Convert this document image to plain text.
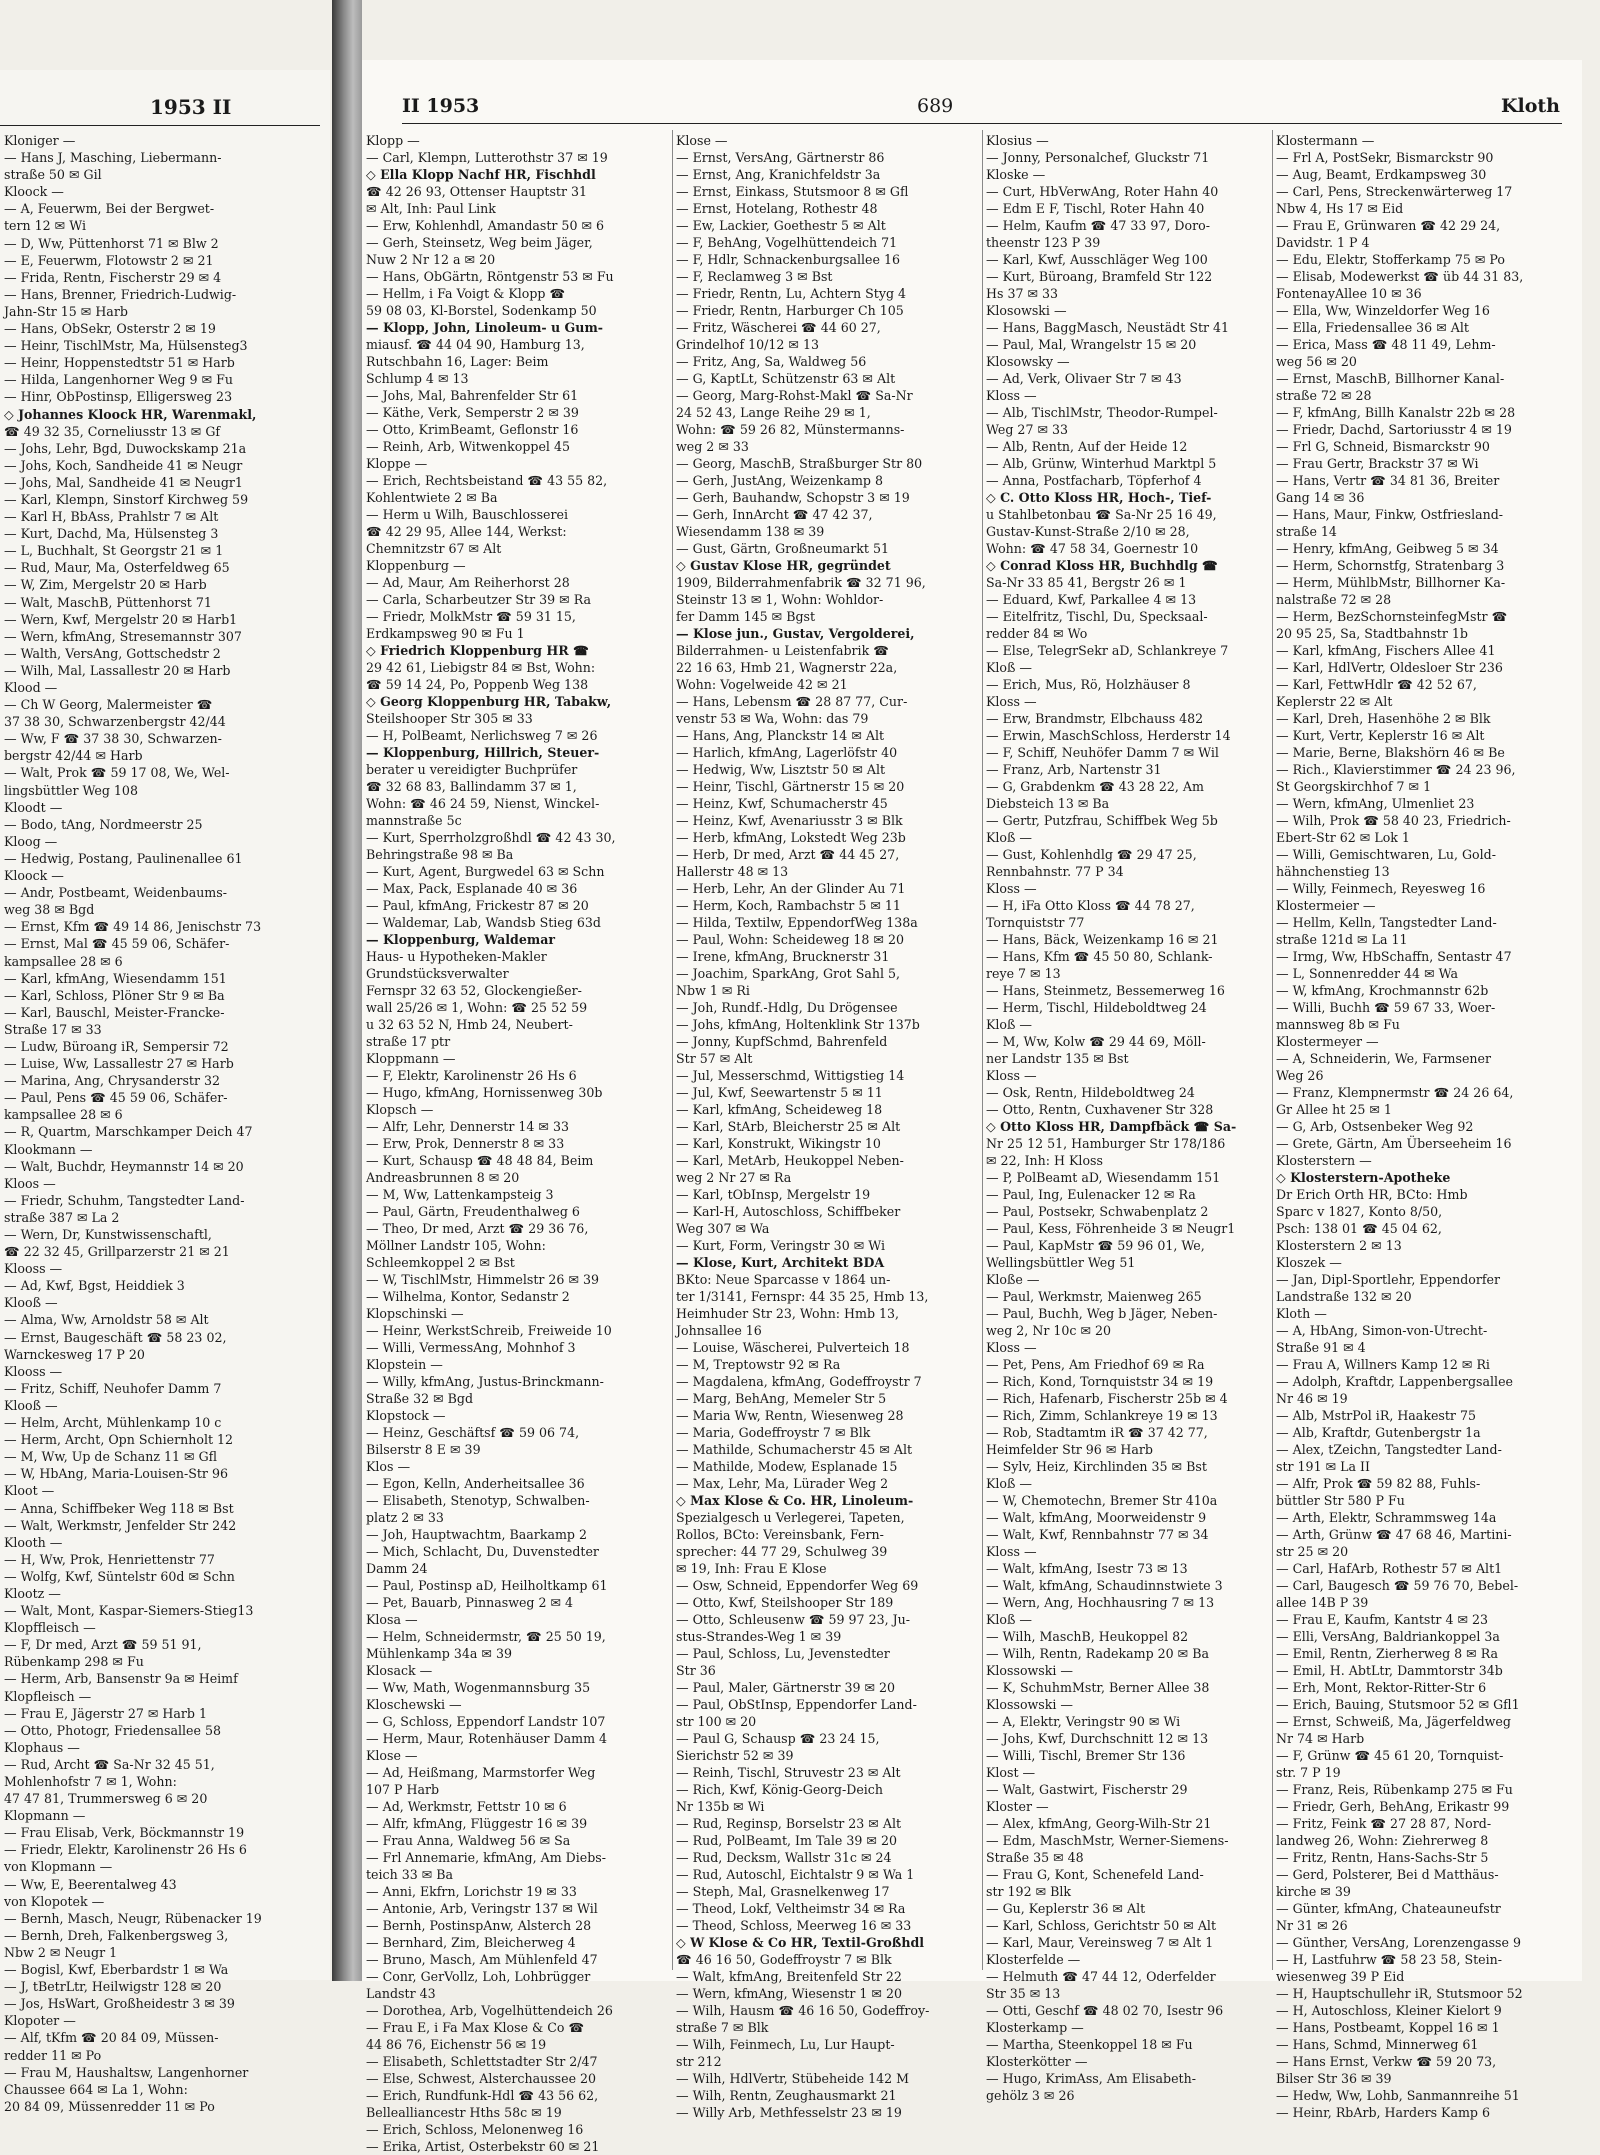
1953 II
Kloniger —
— Hans J, Masching, Liebermann-
straße 50 ✉ Gil
Kloock —
— A, Feuerwm, Bei der Bergwet-
tern 12 ✉ Wi
— D, Ww, Püttenhorst 71 ✉ Blw 2
— E, Feuerwm, Flotowstr 2 ✉ 21
— Frida, Rentn, Fischerstr 29 ✉ 4
— Hans, Brenner, Friedrich-Ludwig-
Jahn-Str 15 ✉ Harb
— Hans, ObSekr, Osterstr 2 ✉ 19
— Heinr, TischlMstr, Ma, Hülsensteg3
— Heinr, Hoppenstedtstr 51 ✉ Harb
— Hilda, Langenhorner Weg 9 ✉ Fu
— Hinr, ObPostinsp, Elligersweg 23
◇ Johannes Kloock HR, Warenmakl,
☎ 49 32 35, Corneliusstr 13 ✉ Gf
— Johs, Lehr, Bgd, Duwockskamp 21a
— Johs, Koch, Sandheide 41 ✉ Neugr
— Johs, Mal, Sandheide 41 ✉ Neugr1
— Karl, Klempn, Sinstorf Kirchweg 59
— Karl H, BbAss, Prahlstr 7 ✉ Alt
— Kurt, Dachd, Ma, Hülsensteg 3
— L, Buchhalt, St Georgstr 21 ✉ 1
— Rud, Maur, Ma, Osterfeldweg 65
— W, Zim, Mergelstr 20 ✉ Harb
— Walt, MaschB, Püttenhorst 71
— Wern, Kwf, Mergelstr 20 ✉ Harb1
— Wern, kfmAng, Stresemannstr 307
— Walth, VersAng, Gottschedstr 2
— Wilh, Mal, Lassallestr 20 ✉ Harb
Klood —
— Ch W Georg, Malermeister ☎
37 38 30, Schwarzenbergstr 42/44
— Ww, F ☎ 37 38 30, Schwarzen-
bergstr 42/44 ✉ Harb
— Walt, Prok ☎ 59 17 08, We, Wel-
lingsbüttler Weg 108
Kloodt —
— Bodo, tAng, Nordmeerstr 25
Kloog —
— Hedwig, Postang, Paulinenallee 61
Kloock —
— Andr, Postbeamt, Weidenbaums-
weg 38 ✉ Bgd
— Ernst, Kfm ☎ 49 14 86, Jenischstr 73
— Ernst, Mal ☎ 45 59 06, Schäfer-
kampsallee 28 ✉ 6
— Karl, kfmAng, Wiesendamm 151
— Karl, Schloss, Plöner Str 9 ✉ Ba
— Karl, Bauschl, Meister-Francke-
Straße 17 ✉ 33
— Ludw, Büroang iR, Sempersir 72
— Luise, Ww, Lassallestr 27 ✉ Harb
— Marina, Ang, Chrysanderstr 32
— Paul, Pens ☎ 45 59 06, Schäfer-
kampsallee 28 ✉ 6
— R, Quartm, Marschkamper Deich 47
Klookmann —
— Walt, Buchdr, Heymannstr 14 ✉ 20
Kloos —
— Friedr, Schuhm, Tangstedter Land-
straße 387 ✉ La 2
— Wern, Dr, Kunstwissenschaftl,
☎ 22 32 45, Grillparzerstr 21 ✉ 21
Klooss —
— Ad, Kwf, Bgst, Heiddiek 3
Klooß —
— Alma, Ww, Arnoldstr 58 ✉ Alt
— Ernst, Baugeschäft ☎ 58 23 02,
Warnckesweg 17 P 20
Klooss —
— Fritz, Schiff, Neuhofer Damm 7
Klooß —
— Helm, Archt, Mühlenkamp 10 c
— Herm, Archt, Opn Schiernholt 12
— M, Ww, Up de Schanz 11 ✉ Gfl
— W, HbAng, Maria-Louisen-Str 96
Kloot —
— Anna, Schiffbeker Weg 118 ✉ Bst
— Walt, Werkmstr, Jenfelder Str 242
Klooth —
— H, Ww, Prok, Henriettenstr 77
— Wolfg, Kwf, Süntelstr 60d ✉ Schn
Klootz —
— Walt, Mont, Kaspar-Siemers-Stieg13
Klopffleisch —
— F, Dr med, Arzt ☎ 59 51 91,
Rübenkamp 298 ✉ Fu
— Herm, Arb, Bansenstr 9a ✉ Heimf
Klopfleisch —
— Frau E, Jägerstr 27 ✉ Harb 1
— Otto, Photogr, Friedensallee 58
Klophaus —
— Rud, Archt ☎ Sa-Nr 32 45 51,
Mohlenhofstr 7 ✉ 1, Wohn:
47 47 81, Trummersweg 6 ✉ 20
Klopmann —
— Frau Elisab, Verk, Böckmannstr 19
— Friedr, Elektr, Karolinenstr 26 Hs 6
von Klopmann —
— Ww, E, Beerentalweg 43
von Klopotek —
— Bernh, Masch, Neugr, Rübenacker 19
— Bernh, Dreh, Falkenbergsweg 3,
Nbw 2 ✉ Neugr 1
— Bogisl, Kwf, Eberbardstr 1 ✉ Wa
— J, tBetrLtr, Heilwigstr 128 ✉ 20
— Jos, HsWart, Großheidestr 3 ✉ 39
Klopoter —
— Alf, tKfm ☎ 20 84 09, Müssen-
redder 11 ✉ Po
— Frau M, Haushaltsw, Langenhorner
Chaussee 664 ✉ La 1, Wohn:
20 84 09, Müssenredder 11 ✉ Po
II 1953	689	Kloth
Klopp —
— Carl, Klempn, Lutterothstr 37 ✉ 19
◇ Ella Klopp Nachf HR, Fischhdl
☎ 42 26 93, Ottenser Hauptstr 31
✉ Alt, Inh: Paul Link
— Erw, Kohlenhdl, Amandastr 50 ✉ 6
— Gerh, Steinsetz, Weg beim Jäger,
Nuw 2 Nr 12 a ✉ 20
— Hans, ObGärtn, Röntgenstr 53 ✉ Fu
— Hellm, i Fa Voigt & Klopp ☎
59 08 03, Kl-Borstel, Sodenkamp 50
— Klopp, John, Linoleum- u Gum-
miausf. ☎ 44 04 90, Hamburg 13,
Rutschbahn 16, Lager: Beim
Schlump 4 ✉ 13
— Johs, Mal, Bahrenfelder Str 61
— Käthe, Verk, Semperstr 2 ✉ 39
— Otto, KrimBeamt, Geflonstr 16
— Reinh, Arb, Witwenkoppel 45
Kloppe —
— Erich, Rechtsbeistand ☎ 43 55 82,
Kohlentwiete 2 ✉ Ba
— Herm u Wilh, Bauschlosserei
☎ 42 29 95, Allee 144, Werkst:
Chemnitzstr 67 ✉ Alt
Kloppenburg —
— Ad, Maur, Am Reiherhorst 28
— Carla, Scharbeutzer Str 39 ✉ Ra
— Friedr, MolkMstr ☎ 59 31 15,
Erdkampsweg 90 ✉ Fu 1
◇ Friedrich Kloppenburg HR ☎
29 42 61, Liebigstr 84 ✉ Bst, Wohn:
☎ 59 14 24, Po, Poppenb Weg 138
◇ Georg Kloppenburg HR, Tabakw,
Steilshooper Str 305 ✉ 33
— H, PolBeamt, Nerlichsweg 7 ✉ 26
— Kloppenburg, Hillrich, Steuer-
berater u vereidigter Buchprüfer
☎ 32 68 83, Ballindamm 37 ✉ 1,
Wohn: ☎ 46 24 59, Nienst, Winckel-
mannstraße 5c
— Kurt, Sperrholzgroßhdl ☎ 42 43 30,
Behringstraße 98 ✉ Ba
— Kurt, Agent, Burgwedel 63 ✉ Schn
— Max, Pack, Esplanade 40 ✉ 36
— Paul, kfmAng, Frickestr 87 ✉ 20
— Waldemar, Lab, Wandsb Stieg 63d
— Kloppenburg, Waldemar
Haus- u Hypotheken-Makler
Grundstücksverwalter
Fernspr 32 63 52, Glockengießer-
wall 25/26 ✉ 1, Wohn: ☎ 25 52 59
u 32 63 52 N, Hmb 24, Neubert-
straße 17 ptr
Kloppmann —
— F, Elektr, Karolinenstr 26 Hs 6
— Hugo, kfmAng, Hornissenweg 30b
Klopsch —
— Alfr, Lehr, Dennerstr 14 ✉ 33
— Erw, Prok, Dennerstr 8 ✉ 33
— Kurt, Schausp ☎ 48 48 84, Beim
Andreasbrunnen 8 ✉ 20
— M, Ww, Lattenkampsteig 3
— Paul, Gärtn, Freudenthalweg 6
— Theo, Dr med, Arzt ☎ 29 36 76,
Möllner Landstr 105, Wohn:
Schleemkoppel 2 ✉ Bst
— W, TischlMstr, Himmelstr 26 ✉ 39
— Wilhelma, Kontor, Sedanstr 2
Klopschinski —
— Heinr, WerkstSchreib, Freiweide 10
— Willi, VermessAng, Mohnhof 3
Klopstein —
— Willy, kfmAng, Justus-Brinckmann-
Straße 32 ✉ Bgd
Klopstock —
— Heinz, Geschäftsf ☎ 59 06 74,
Bilserstr 8 E ✉ 39
Klos —
— Egon, Kelln, Anderheitsallee 36
— Elisabeth, Stenotyp, Schwalben-
platz 2 ✉ 33
— Joh, Hauptwachtm, Baarkamp 2
— Mich, Schlacht, Du, Duvenstedter
Damm 24
— Paul, Postinsp aD, Heilholtkamp 61
— Pet, Bauarb, Pinnasweg 2 ✉ 4
Klosa —
— Helm, Schneidermstr, ☎ 25 50 19,
Mühlenkamp 34a ✉ 39
Klosack —
— Ww, Math, Wogenmannsburg 35
Kloschewski —
— G, Schloss, Eppendorf Landstr 107
— Herm, Maur, Rotenhäuser Damm 4
Klose —
— Ad, Heißmang, Marmstorfer Weg
107 P Harb
— Ad, Werkmstr, Fettstr 10 ✉ 6
— Alfr, kfmAng, Flüggestr 16 ✉ 39
— Frau Anna, Waldweg 56 ✉ Sa
— Frl Annemarie, kfmAng, Am Diebs-
teich 33 ✉ Ba
— Anni, Ekfrn, Lorichstr 19 ✉ 33
— Antonie, Arb, Veringstr 137 ✉ Wil
— Bernh, PostinspAnw, Alsterch 28
— Bernhard, Zim, Bleicherweg 4
— Bruno, Masch, Am Mühlenfeld 47
— Conr, GerVollz, Loh, Lohbrügger
Landstr 43
— Dorothea, Arb, Vogelhüttendeich 26
— Frau E, i Fa Max Klose & Co ☎
44 86 76, Eichenstr 56 ✉ 19
— Elisabeth, Schlettstadter Str 2/47
— Else, Schwest, Alsterchaussee 20
— Erich, Rundfunk-Hdl ☎ 43 56 62,
Bellealliancestr Hths 58c ✉ 19
— Erich, Schloss, Melonenweg 16
— Erika, Artist, Osterbekstr 60 ✉ 21
Klose —
— Ernst, VersAng, Gärtnerstr 86
— Ernst, Ang, Kranichfeldstr 3a
— Ernst, Einkass, Stutsmoor 8 ✉ Gfl
— Ernst, Hotelang, Rothestr 48
— Ew, Lackier, Goethestr 5 ✉ Alt
— F, BehAng, Vogelhüttendeich 71
— F, Hdlr, Schnackenburgsallee 16
— F, Reclamweg 3 ✉ Bst
— Friedr, Rentn, Lu, Achtern Styg 4
— Friedr, Rentn, Harburger Ch 105
— Fritz, Wäscherei ☎ 44 60 27,
Grindelhof 10/12 ✉ 13
— Fritz, Ang, Sa, Waldweg 56
— G, KaptLt, Schützenstr 63 ✉ Alt
— Georg, Marg-Rohst-Makl ☎ Sa-Nr
24 52 43, Lange Reihe 29 ✉ 1,
Wohn: ☎ 59 26 82, Münstermanns-
weg 2 ✉ 33
— Georg, MaschB, Straßburger Str 80
— Gerh, JustAng, Weizenkamp 8
— Gerh, Bauhandw, Schopstr 3 ✉ 19
— Gerh, InnArcht ☎ 47 42 37,
Wiesendamm 138 ✉ 39
— Gust, Gärtn, Großneumarkt 51
◇ Gustav Klose HR, gegründet
1909, Bilderrahmenfabrik ☎ 32 71 96,
Steinstr 13 ✉ 1, Wohn: Wohldor-
fer Damm 145 ✉ Bgst
— Klose jun., Gustav, Vergolderei,
Bilderrahmen- u Leistenfabrik ☎
22 16 63, Hmb 21, Wagnerstr 22a,
Wohn: Vogelweide 42 ✉ 21
— Hans, Lebensm ☎ 28 87 77, Cur-
venstr 53 ✉ Wa, Wohn: das 79
— Hans, Ang, Planckstr 14 ✉ Alt
— Harlich, kfmAng, Lagerlöfstr 40
— Hedwig, Ww, Lisztstr 50 ✉ Alt
— Heinr, Tischl, Gärtnerstr 15 ✉ 20
— Heinz, Kwf, Schumacherstr 45
— Heinz, Kwf, Avenariusstr 3 ✉ Blk
— Herb, kfmAng, Lokstedt Weg 23b
— Herb, Dr med, Arzt ☎ 44 45 27,
Hallerstr 48 ✉ 13
— Herb, Lehr, An der Glinder Au 71
— Herm, Koch, Rambachstr 5 ✉ 11
— Hilda, Textilw, EppendorfWeg 138a
— Paul, Wohn: Scheideweg 18 ✉ 20
— Irene, kfmAng, Brucknerstr 31
— Joachim, SparkAng, Grot Sahl 5,
Nbw 1 ✉ Ri
— Joh, Rundf.-Hdlg, Du Drögensee
— Johs, kfmAng, Holtenklink Str 137b
— Jonny, KupfSchmd, Bahrenfeld
Str 57 ✉ Alt
— Jul, Messerschmd, Wittigstieg 14
— Jul, Kwf, Seewartenstr 5 ✉ 11
— Karl, kfmAng, Scheideweg 18
— Karl, StArb, Bleicherstr 25 ✉ Alt
— Karl, Konstrukt, Wikingstr 10
— Karl, MetArb, Heukoppel Neben-
weg 2 Nr 27 ✉ Ra
— Karl, tObInsp, Mergelstr 19
— Karl-H, Autoschloss, Schiffbeker
Weg 307 ✉ Wa
— Kurt, Form, Veringstr 30 ✉ Wi
— Klose, Kurt, Architekt BDA
BKto: Neue Sparcasse v 1864 un-
ter 1/3141, Fernspr: 44 35 25, Hmb 13,
Heimhuder Str 23, Wohn: Hmb 13,
Johnsallee 16
— Louise, Wäscherei, Pulverteich 18
— M, Treptowstr 92 ✉ Ra
— Magdalena, kfmAng, Godeffroystr 7
— Marg, BehAng, Memeler Str 5
— Maria Ww, Rentn, Wiesenweg 28
— Maria, Godeffroystr 7 ✉ Blk
— Mathilde, Schumacherstr 45 ✉ Alt
— Mathilde, Modew, Esplanade 15
— Max, Lehr, Ma, Lürader Weg 2
◇ Max Klose & Co. HR, Linoleum-
Spezialgesch u Verlegerei, Tapeten,
Rollos, BCto: Vereinsbank, Fern-
sprecher: 44 77 29, Schulweg 39
✉ 19, Inh: Frau E Klose
— Osw, Schneid, Eppendorfer Weg 69
— Otto, Kwf, Steilshooper Str 189
— Otto, Schleusenw ☎ 59 97 23, Ju-
stus-Strandes-Weg 1 ✉ 39
— Paul, Schloss, Lu, Jevenstedter
Str 36
— Paul, Maler, Gärtnerstr 39 ✉ 20
— Paul, ObStInsp, Eppendorfer Land-
str 100 ✉ 20
— Paul G, Schausp ☎ 23 24 15,
Sierichstr 52 ✉ 39
— Reinh, Tischl, Struvestr 23 ✉ Alt
— Rich, Kwf, König-Georg-Deich
Nr 135b ✉ Wi
— Rud, Reginsp, Borselstr 23 ✉ Alt
— Rud, PolBeamt, Im Tale 39 ✉ 20
— Rud, Decksm, Wallstr 31c ✉ 24
— Rud, Autoschl, Eichtalstr 9 ✉ Wa 1
— Steph, Mal, Grasnelkenweg 17
— Theod, Lokf, Veltheimstr 34 ✉ Ra
— Theod, Schloss, Meerweg 16 ✉ 33
◇ W Klose & Co HR, Textil-Großhdl
☎ 46 16 50, Godeffroystr 7 ✉ Blk
— Walt, kfmAng, Breitenfeld Str 22
— Wern, kfmAng, Wiesenstr 1 ✉ 20
— Wilh, Hausm ☎ 46 16 50, Godeffroy-
straße 7 ✉ Blk
— Wilh, Feinmech, Lu, Lur Haupt-
str 212
— Wilh, HdlVertr, Stübeheide 142 M
— Wilh, Rentn, Zeughausmarkt 21
— Willy Arb, Methfesselstr 23 ✉ 19
Klosius —
— Jonny, Personalchef, Gluckstr 71
Kloske —
— Curt, HbVerwAng, Roter Hahn 40
— Edm E F, Tischl, Roter Hahn 40
— Helm, Kaufm ☎ 47 33 97, Doro-
theenstr 123 P 39
— Karl, Kwf, Ausschläger Weg 100
— Kurt, Büroang, Bramfeld Str 122
Hs 37 ✉ 33
Klosowski —
— Hans, BaggMasch, Neustädt Str 41
— Paul, Mal, Wrangelstr 15 ✉ 20
Klosowsky —
— Ad, Verk, Olivaer Str 7 ✉ 43
Kloss —
— Alb, TischlMstr, Theodor-Rumpel-
Weg 27 ✉ 33
— Alb, Rentn, Auf der Heide 12
— Alb, Grünw, Winterhud Marktpl 5
— Anna, Postfacharb, Töpferhof 4
◇ C. Otto Kloss HR, Hoch-, Tief-
u Stahlbetonbau ☎ Sa-Nr 25 16 49,
Gustav-Kunst-Straße 2/10 ✉ 28,
Wohn: ☎ 47 58 34, Goernestr 10
◇ Conrad Kloss HR, Buchhdlg ☎
Sa-Nr 33 85 41, Bergstr 26 ✉ 1
— Eduard, Kwf, Parkallee 4 ✉ 13
— Eitelfritz, Tischl, Du, Specksaal-
redder 84 ✉ Wo
— Else, TelegrSekr aD, Schlankreye 7
Kloß —
— Erich, Mus, Rö, Holzhäuser 8
Kloss —
— Erw, Brandmstr, Elbchauss 482
— Erwin, MaschSchloss, Herderstr 14
— F, Schiff, Neuhöfer Damm 7 ✉ Wil
— Franz, Arb, Nartenstr 31
— G, Grabdenkm ☎ 43 28 22, Am
Diebsteich 13 ✉ Ba
— Gertr, Putzfrau, Schiffbek Weg 5b
Kloß —
— Gust, Kohlenhdlg ☎ 29 47 25,
Rennbahnstr. 77 P 34
Kloss —
— H, iFa Otto Kloss ☎ 44 78 27,
Tornquiststr 77
— Hans, Bäck, Weizenkamp 16 ✉ 21
— Hans, Kfm ☎ 45 50 80, Schlank-
reye 7 ✉ 13
— Hans, Steinmetz, Bessemerweg 16
— Herm, Tischl, Hildeboldtweg 24
Kloß —
— M, Ww, Kolw ☎ 29 44 69, Möll-
ner Landstr 135 ✉ Bst
Kloss —
— Osk, Rentn, Hildeboldtweg 24
— Otto, Rentn, Cuxhavener Str 328
◇ Otto Kloss HR, Dampfbäck ☎ Sa-
Nr 25 12 51, Hamburger Str 178/186
✉ 22, Inh: H Kloss
— P, PolBeamt aD, Wiesendamm 151
— Paul, Ing, Eulenacker 12 ✉ Ra
— Paul, Postsekr, Schwabenplatz 2
— Paul, Kess, Föhrenheide 3 ✉ Neugr1
— Paul, KapMstr ☎ 59 96 01, We,
Wellingsbüttler Weg 51
Kloße —
— Paul, Werkmstr, Maienweg 265
— Paul, Buchh, Weg b Jäger, Neben-
weg 2, Nr 10c ✉ 20
Kloss —
— Pet, Pens, Am Friedhof 69 ✉ Ra
— Rich, Kond, Tornquiststr 34 ✉ 19
— Rich, Hafenarb, Fischerstr 25b ✉ 4
— Rich, Zimm, Schlankreye 19 ✉ 13
— Rob, Stadtamtm iR ☎ 37 42 77,
Heimfelder Str 96 ✉ Harb
— Sylv, Heiz, Kirchlinden 35 ✉ Bst
Kloß —
— W, Chemotechn, Bremer Str 410a
— Walt, kfmAng, Moorweidenstr 9
— Walt, Kwf, Rennbahnstr 77 ✉ 34
Kloss —
— Walt, kfmAng, Isestr 73 ✉ 13
— Walt, kfmAng, Schaudinnstwiete 3
— Wern, Ang, Hochhausring 7 ✉ 13
Kloß —
— Wilh, MaschB, Heukoppel 82
— Wilh, Rentn, Radekamp 20 ✉ Ba
Klossowski —
— K, SchuhmMstr, Berner Allee 38
Klossowski —
— A, Elektr, Veringstr 90 ✉ Wi
— Johs, Kwf, Durchschnitt 12 ✉ 13
— Willi, Tischl, Bremer Str 136
Klost —
— Walt, Gastwirt, Fischerstr 29
Kloster —
— Alex, kfmAng, Georg-Wilh-Str 21
— Edm, MaschMstr, Werner-Siemens-
Straße 35 ✉ 48
— Frau G, Kont, Schenefeld Land-
str 192 ✉ Blk
— Gu, Keplerstr 36 ✉ Alt
— Karl, Schloss, Gerichtstr 50 ✉ Alt
— Karl, Maur, Vereinsweg 7 ✉ Alt 1
Klosterfelde —
— Helmuth ☎ 47 44 12, Oderfelder
Str 35 ✉ 13
— Otti, Geschf ☎ 48 02 70, Isestr 96
Klosterkamp —
— Martha, Steenkoppel 18 ✉ Fu
Klosterkötter —
— Hugo, KrimAss, Am Elisabeth-
gehölz 3 ✉ 26
Klostermann —
— Frl A, PostSekr, Bismarckstr 90
— Aug, Beamt, Erdkampsweg 30
— Carl, Pens, Streckenwärterweg 17
Nbw 4, Hs 17 ✉ Eid
— Frau E, Grünwaren ☎ 42 29 24,
Davidstr. 1 P 4
— Edu, Elektr, Stofferkamp 75 ✉ Po
— Elisab, Modewerkst ☎ üb 44 31 83,
FontenayAllee 10 ✉ 36
— Ella, Ww, Winzeldorfer Weg 16
— Ella, Friedensallee 36 ✉ Alt
— Erica, Mass ☎ 48 11 49, Lehm-
weg 56 ✉ 20
— Ernst, MaschB, Billhorner Kanal-
straße 72 ✉ 28
— F, kfmAng, Billh Kanalstr 22b ✉ 28
— Friedr, Dachd, Sartoriusstr 4 ✉ 19
— Frl G, Schneid, Bismarckstr 90
— Frau Gertr, Brackstr 37 ✉ Wi
— Hans, Vertr ☎ 34 81 36, Breiter
Gang 14 ✉ 36
— Hans, Maur, Finkw, Ostfriesland-
straße 14
— Henry, kfmAng, Geibweg 5 ✉ 34
— Herm, Schornstfg, Stratenbarg 3
— Herm, MühlbMstr, Billhorner Ka-
nalstraße 72 ✉ 28
— Herm, BezSchornsteinfegMstr ☎
20 95 25, Sa, Stadtbahnstr 1b
— Karl, kfmAng, Fischers Allee 41
— Karl, HdlVertr, Oldesloer Str 236
— Karl, FettwHdlr ☎ 42 52 67,
Keplerstr 22 ✉ Alt
— Karl, Dreh, Hasenhöhe 2 ✉ Blk
— Kurt, Vertr, Keplerstr 16 ✉ Alt
— Marie, Berne, Blakshörn 46 ✉ Be
— Rich., Klavierstimmer ☎ 24 23 96,
St Georgskirchhof 7 ✉ 1
— Wern, kfmAng, Ulmenliet 23
— Wilh, Prok ☎ 58 40 23, Friedrich-
Ebert-Str 62 ✉ Lok 1
— Willi, Gemischtwaren, Lu, Gold-
hähnchenstieg 13
— Willy, Feinmech, Reyesweg 16
Klostermeier —
— Hellm, Kelln, Tangstedter Land-
straße 121d ✉ La 11
— Irmg, Ww, HbSchaffn, Sentastr 47
— L, Sonnenredder 44 ✉ Wa
— W, kfmAng, Krochmannstr 62b
— Willi, Buchh ☎ 59 67 33, Woer-
mannsweg 8b ✉ Fu
Klostermeyer —
— A, Schneiderin, We, Farmsener
Weg 26
— Franz, Klempnermstr ☎ 24 26 64,
Gr Allee ht 25 ✉ 1
— G, Arb, Ostsenbeker Weg 92
— Grete, Gärtn, Am Überseeheim 16
Klosterstern —
◇ Klosterstern-Apotheke
Dr Erich Orth HR, BCto: Hmb
Sparc v 1827, Konto 8/50,
Psch: 138 01 ☎ 45 04 62,
Klosterstern 2 ✉ 13
Kloszek —
— Jan, Dipl-Sportlehr, Eppendorfer
Landstraße 132 ✉ 20
Kloth —
— A, HbAng, Simon-von-Utrecht-
Straße 91 ✉ 4
— Frau A, Willners Kamp 12 ✉ Ri
— Adolph, Kraftdr, Lappenbergsallee
Nr 46 ✉ 19
— Alb, MstrPol iR, Haakestr 75
— Alb, Kraftdr, Gutenbergstr 1a
— Alex, tZeichn, Tangstedter Land-
str 191 ✉ La II
— Alfr, Prok ☎ 59 82 88, Fuhls-
büttler Str 580 P Fu
— Arth, Elektr, Schrammsweg 14a
— Arth, Grünw ☎ 47 68 46, Martini-
str 25 ✉ 20
— Carl, HafArb, Rothestr 57 ✉ Alt1
— Carl, Baugesch ☎ 59 76 70, Bebel-
allee 14B P 39
— Frau E, Kaufm, Kantstr 4 ✉ 23
— Elli, VersAng, Baldriankoppel 3a
— Emil, Rentn, Zierherweg 8 ✉ Ra
— Emil, H. AbtLtr, Dammtorstr 34b
— Erh, Mont, Rektor-Ritter-Str 6
— Erich, Bauing, Stutsmoor 52 ✉ Gfl1
— Ernst, Schweiß, Ma, Jägerfeldweg
Nr 74 ✉ Harb
— F, Grünw ☎ 45 61 20, Tornquist-
str. 7 P 19
— Franz, Reis, Rübenkamp 275 ✉ Fu
— Friedr, Gerh, BehAng, Erikastr 99
— Fritz, Feink ☎ 27 28 87, Nord-
landweg 26, Wohn: Ziehrerweg 8
— Fritz, Rentn, Hans-Sachs-Str 5
— Gerd, Polsterer, Bei d Matthäus-
kirche ✉ 39
— Günter, kfmAng, Chateauneufstr
Nr 31 ✉ 26
— Günther, VersAng, Lorenzengasse 9
— H, Lastfuhrw ☎ 58 23 58, Stein-
wiesenweg 39 P Eid
— H, Hauptschullehr iR, Stutsmoor 52
— H, Autoschloss, Kleiner Kielort 9
— Hans, Postbeamt, Koppel 16 ✉ 1
— Hans, Schmd, Minnerweg 61
— Hans Ernst, Verkw ☎ 59 20 73,
Bilser Str 36 ✉ 39
— Hedw, Ww, Lohb, Sanmannreihe 51
— Heinr, RbArb, Harders Kamp 6
